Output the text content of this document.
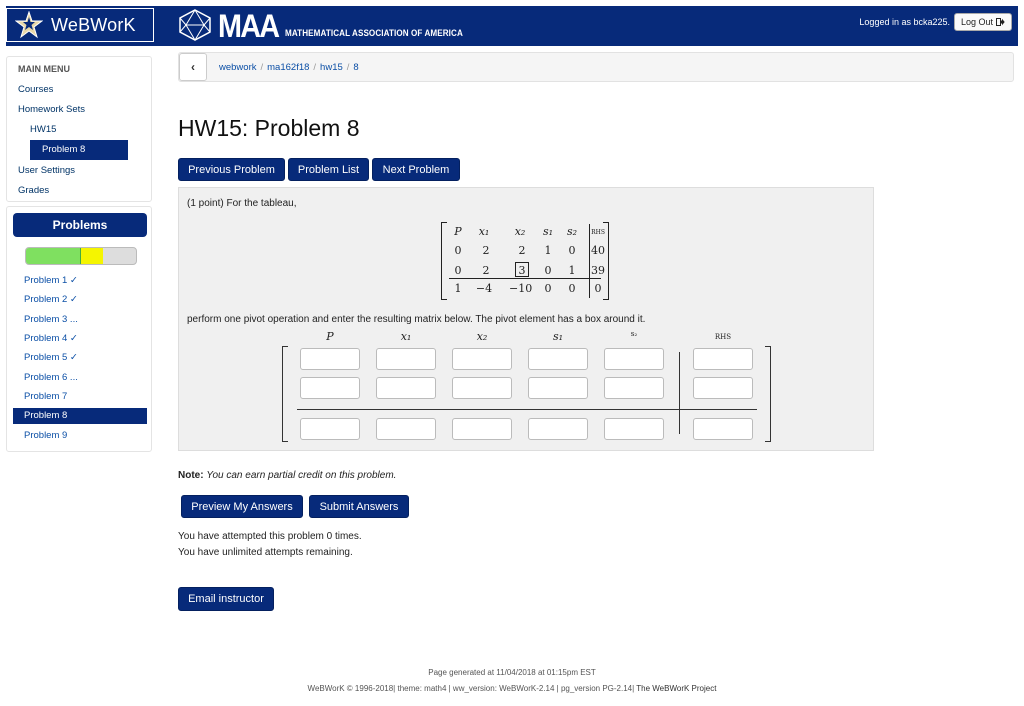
WeBWorK	MAA MATHEMATICAL ASSOCIATION OF AMERICA
Logged in as bcka225. Log Out
MAIN MENU
Courses
Homework Sets
HW15
Problem 8
User Settings
Grades
Problems
Problem 1 ✓
Problem 2 ✓
Problem 3 ...
Problem 4 ✓
Problem 5 ✓
Problem 6 ...
Problem 7
Problem 8
Problem 9
‹	webwork / ma162f18 / hw15 / 8
HW15: Problem 8
Previous Problem	Problem List	Next Problem
(1 point) For the tableau,
P	x₁	x₂	s₁	s₂	RHS
0	2	2	1	0	40
0	2	3	0	1	39
1	−4 −10	0	0	0
perform one pivot operation and enter the resulting matrix below. The pivot element has a box around it.
P	x₁	x₂	s₁	s₂	RHS
Note: You can earn partial credit on this problem.
Preview My Answers	Submit Answers
You have attempted this problem 0 times.
You have unlimited attempts remaining.
Email instructor
Page generated at 11/04/2018 at 01:15pm EST
WeBWorK © 1996-2018| theme: math4 | ww_version: WeBWorK-2.14 | pg_version PG-2.14| The WeBWorK Project
